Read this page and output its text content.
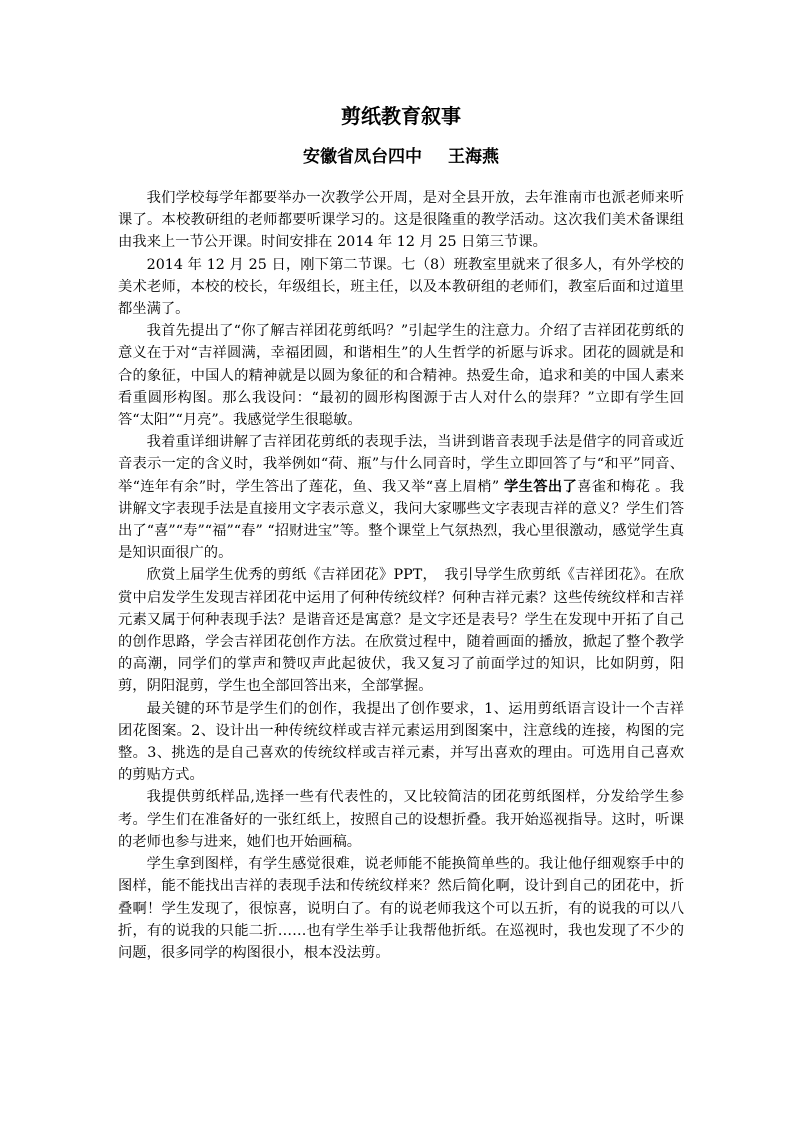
剪纸教育叙事
安徽省凤台四中 王海燕

我们学校每学年都要举办一次教学公开周，是对全县开放，去年淮南市也派老师来听课了。本校教研组的老师都要听课学习的。这是很隆重的教学活动。这次我们美术备课组由我来上一节公开课。时间安排在 2014 年 12 月 25 日第三节课。

2014 年 12 月 25 日，刚下第二节课。七（8）班教室里就来了很多人，有外学校的美术老师，本校的校长，年级组长，班主任，以及本教研组的老师们，教室后面和过道里都坐满了。

我首先提出了“你了解吉祥团花剪纸吗？”引起学生的注意力。介绍了吉祥团花剪纸的 意义在于对“吉祥圆满，幸福团圆，和谐相生”的人生哲学的祈愿与诉求。团花的圆就是和合的象征，中国人的精神就是以圆为象征的和合精神。热爱生命，追求和美的中国人素来看重圆形构图。那么我设问：“最初的圆形构图源于古人对什么的崇拜？”立即有学生回答“太阳”“月亮”。我感觉学生很聪敏。

我着重详细讲解了吉祥团花剪纸的表现手法，当讲到谐音表现手法是借字的同音或近音表示一定的含义时，我举例如“荷、瓶”与什么同音时，学生立即回答了与“和平”同音、举“连年有余”时，学生答出了莲花，鱼、我又举“喜上眉梢” 学生答出了喜雀和梅花 。我讲解文字表现手法是直接用文字表示意义，我问大家哪些文字表现吉祥的意义？学生们答出了“喜”“寿”“福”“春” “招财进宝”等。整个课堂上气氛热烈，我心里很激动，感觉学生真是知识面很广的。

欣赏上届学生优秀的剪纸《吉祥团花》PPT，　我引导学生欣剪纸《吉祥团花》。在欣赏中启发学生发现吉祥团花中运用了何种传统纹样？何种吉祥元素？这些传统纹样和吉祥元素又属于何种表现手法？是谐音还是寓意？是文字还是表号？学生在发现中开拓了自己的创作思路，学会吉祥团花创作方法。在欣赏过程中，随着画面的播放，掀起了整个教学的高潮，同学们的掌声和赞叹声此起彼伏，我又复习了前面学过的知识，比如阴剪，阳剪，阴阳混剪，学生也全部回答出来，全部掌握。

最关键的环节是学生们的创作，我提出了创作要求，1、运用剪纸语言设计一个吉祥团花图案。2、设计出一种传统纹样或吉祥元素运用到图案中，注意线的连接，构图的完整。3、挑选的是自己喜欢的传统纹样或吉祥元素，并写出喜欢的理由。可选用自己喜欢的剪贴方式。

我提供剪纸样品,选择一些有代表性的，又比较简洁的团花剪纸图样，分发给学生参考。学生们在准备好的一张红纸上，按照自己的设想折叠。我开始巡视指导。这时，听课的老师也参与进来，她们也开始画稿。

学生拿到图样，有学生感觉很难，说老师能不能换简单些的。我让他仔细观察手中的图样，能不能找出吉祥的表现手法和传统纹样来？然后简化啊，设计到自己的团花中，折叠啊！学生发现了，很惊喜，说明白了。有的说老师我这个可以五折，有的说我的可以八折，有的说我的只能二折……也有学生举手让我帮他折纸。在巡视时，我也发现了不少的问题，很多同学的构图很小，根本没法剪。
